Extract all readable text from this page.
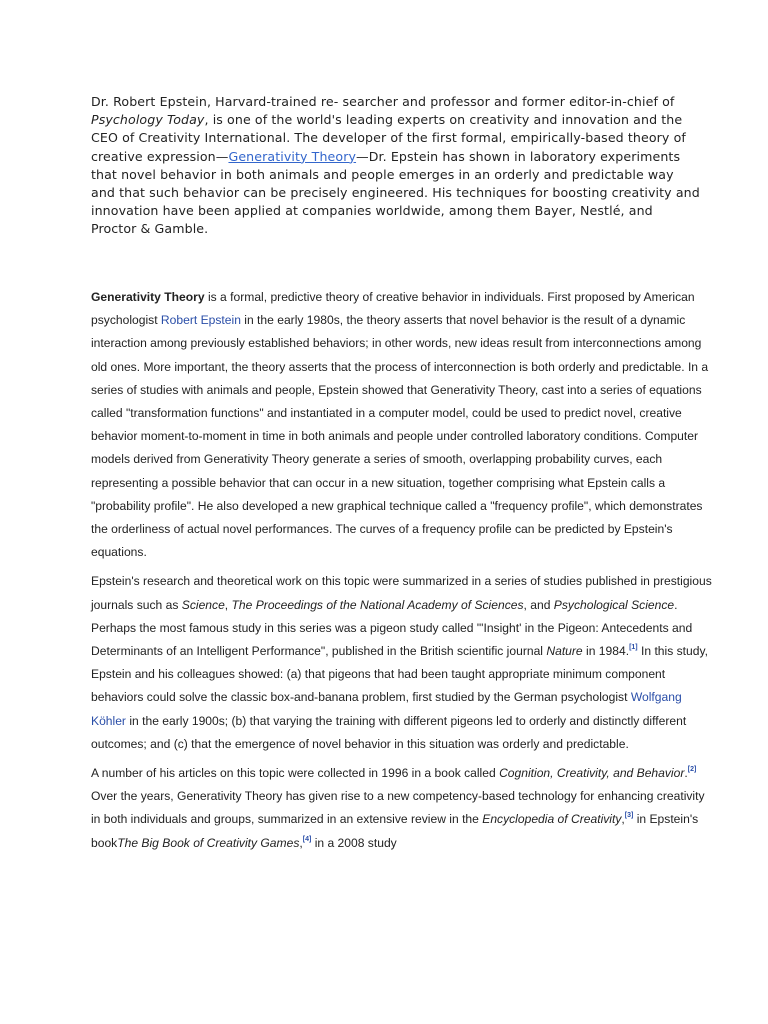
Dr. Robert Epstein, Harvard-trained re- searcher and professor and former editor-in-chief of Psychology Today, is one of the world's leading experts on creativity and innovation and the CEO of Creativity International. The developer of the first formal, empirically-based theory of creative expression—Generativity Theory—Dr. Epstein has shown in laboratory experiments that novel behavior in both animals and people emerges in an orderly and predictable way and that such behavior can be precisely engineered. His techniques for boosting creativity and innovation have been applied at companies worldwide, among them Bayer, Nestlé, and Proctor & Gamble.

Generativity Theory is a formal, predictive theory of creative behavior in individuals. First proposed by American psychologist Robert Epstein in the early 1980s, the theory asserts that novel behavior is the result of a dynamic interaction among previously established behaviors; in other words, new ideas result from interconnections among old ones. More important, the theory asserts that the process of interconnection is both orderly and predictable. In a series of studies with animals and people, Epstein showed that Generativity Theory, cast into a series of equations called "transformation functions" and instantiated in a computer model, could be used to predict novel, creative behavior moment-to-moment in time in both animals and people under controlled laboratory conditions. Computer models derived from Generativity Theory generate a series of smooth, overlapping probability curves, each representing a possible behavior that can occur in a new situation, together comprising what Epstein calls a "probability profile". He also developed a new graphical technique called a "frequency profile", which demonstrates the orderliness of actual novel performances. The curves of a frequency profile can be predicted by Epstein's equations.

Epstein's research and theoretical work on this topic were summarized in a series of studies published in prestigious journals such as Science, The Proceedings of the National Academy of Sciences, and Psychological Science. Perhaps the most famous study in this series was a pigeon study called "'Insight' in the Pigeon: Antecedents and Determinants of an Intelligent Performance", published in the British scientific journal Nature in 1984.[1] In this study, Epstein and his colleagues showed: (a) that pigeons that had been taught appropriate minimum component behaviors could solve the classic box-and-banana problem, first studied by the German psychologist Wolfgang Köhler in the early 1900s; (b) that varying the training with different pigeons led to orderly and distinctly different outcomes; and (c) that the emergence of novel behavior in this situation was orderly and predictable.

A number of his articles on this topic were collected in 1996 in a book called Cognition, Creativity, and Behavior.[2] Over the years, Generativity Theory has given rise to a new competency-based technology for enhancing creativity in both individuals and groups, summarized in an extensive review in the Encyclopedia of Creativity,[3] in Epstein's bookThe Big Book of Creativity Games,[4] in a 2008 study
